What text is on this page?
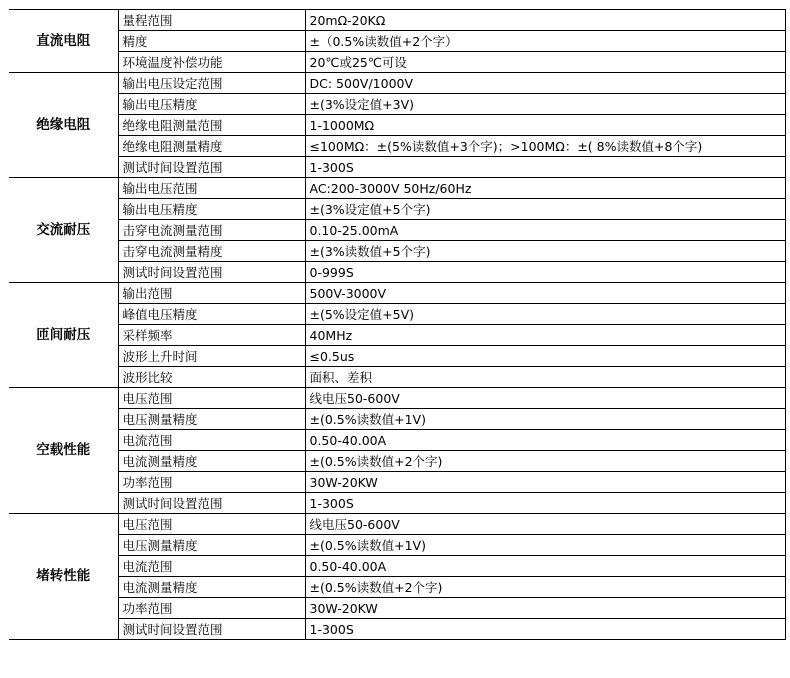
直流电阻	量程范围	20mΩ-20KΩ
	精度	±（0.5%读数值+2个字）
	环境温度补偿功能	20℃或25℃可设
绝缘电阻	输出电压设定范围	DC: 500V/1000V
	输出电压精度	±(3%设定值+3V)
	绝缘电阻测量范围	1-1000MΩ
	绝缘电阻测量精度	≤100MΩ：±(5%读数值+3个字)；>100MΩ：±( 8%读数值+8个字)
	测试时间设置范围	1-300S
交流耐压	输出电压范围	AC:200-3000V 50Hz/60Hz
	输出电压精度	±(3%设定值+5个字)
	击穿电流测量范围	0.10-25.00mA
	击穿电流测量精度	±(3%读数值+5个字)
	测试时间设置范围	0-999S
匝间耐压	输出范围	500V-3000V
	峰值电压精度	±(5%设定值+5V)
	采样频率	40MHz
	波形上升时间	≤0.5us
	波形比较	面积、差积
空载性能	电压范围	线电压50-600V
	电压测量精度	±(0.5%读数值+1V)
	电流范围	0.50-40.00A
	电流测量精度	±(0.5%读数值+2个字)
	功率范围	30W-20KW
	测试时间设置范围	1-300S
堵转性能	电压范围	线电压50-600V
	电压测量精度	±(0.5%读数值+1V)
	电流范围	0.50-40.00A
	电流测量精度	±(0.5%读数值+2个字)
	功率范围	30W-20KW
	测试时间设置范围	1-300S
